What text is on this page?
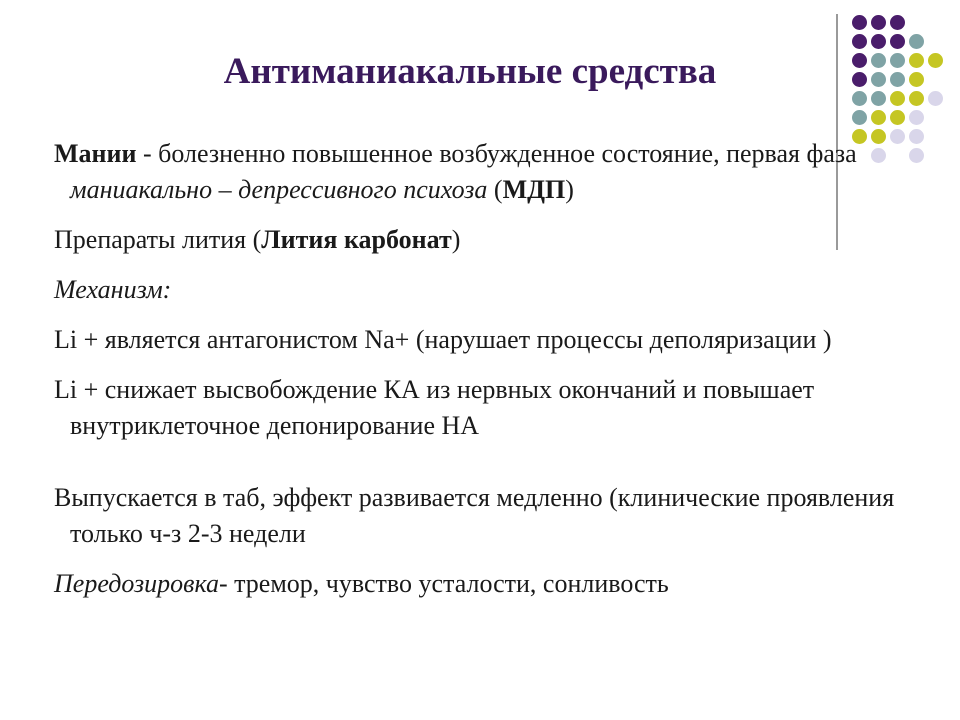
Антиманиакальные средства

Мании - болезненно повышенное возбужденное состояние, первая фаза маниакально – депрессивного психоза (МДП)

Препараты лития (Лития карбонат)

Механизм:

Li + является антагонистом Na+ (нарушает процессы деполяризации )

Li + снижает высвобождение КА из нервных окончаний и повышает внутриклеточное депонирование НА

Выпускается в таб, эффект развивается медленно (клинические проявления только ч-з 2-3 недели

Передозировка- тремор, чувство усталости, сонливость
